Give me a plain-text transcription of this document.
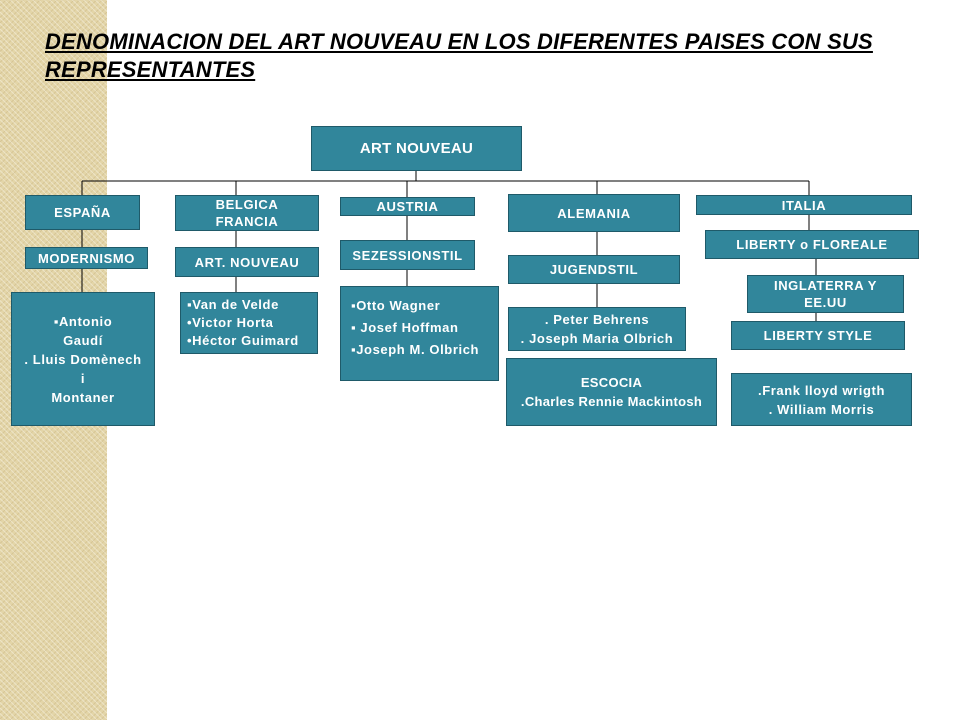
DENOMINACION DEL ART NOUVEAU EN LOS DIFERENTES PAISES CON SUS REPRESENTANTES
ART NOUVEAU
ESPAÑA
MODERNISMO
▪Antonio
Gaudí
. Lluis Domènech
i
Montaner
BELGICA
FRANCIA
ART. NOUVEAU
▪Van de Velde
•Victor Horta
•Héctor Guimard
AUSTRIA
SEZESSIONSTIL
▪Otto Wagner
▪ Josef Hoffman
▪Joseph M. Olbrich
ALEMANIA
JUGENDSTIL
. Peter Behrens
. Joseph Maria Olbrich
ESCOCIA
.Charles Rennie Mackintosh
ITALIA
LIBERTY o FLOREALE
INGLATERRA Y
EE.UU
LIBERTY STYLE
.Frank lloyd wrigth
. William Morris
